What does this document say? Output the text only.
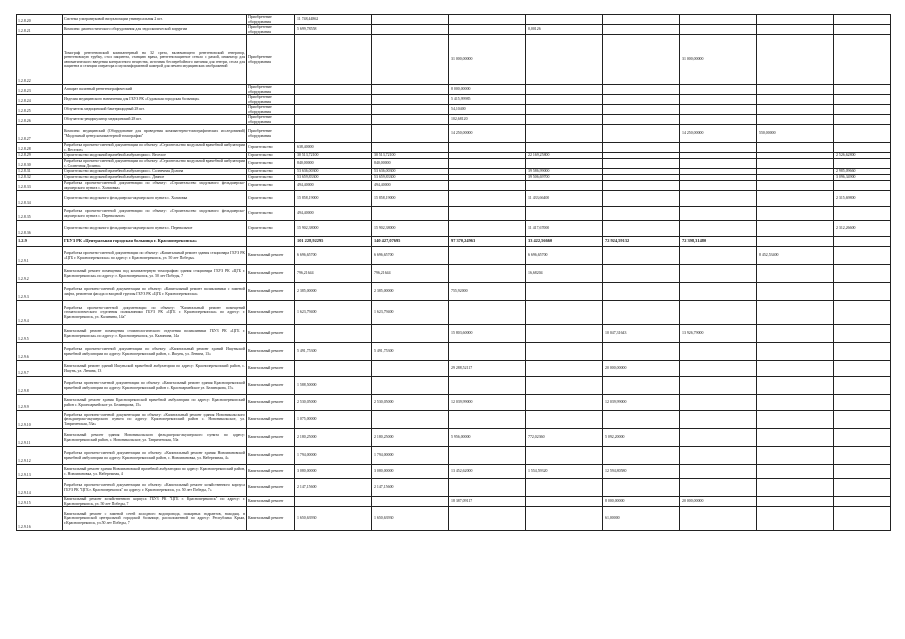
1.2.8.20	Система ультразвуковой визуализации универсальная 2 шт.	Приобретение оборудования	11 748,44862							
1.2.8.21	Комплекс диагностического оборудования для эндоскопической хирургии	Приобретение оборудования	5 699,78558			0,00126				
1.2.8.22	Томограф рентгеновский компьютерный на 32 среза, включающего рентгеновский генератор, рентгеновскую трубку, стол пациента, станцию врача, рентгенозащитное стекло с рамой, инжектор для автоматического введения контрастного вещества, источник бесперебойного питания для гентри, стола для пациента и станции оператора и мультиформатной камерой для печати медицинских изображений	Приобретение оборудования			31 000,00000			31 000,00000		
1.2.8.23	Аппарат палатный рентгенографический	Приобретение оборудования			8 000,00000					
1.2.8.24	Изделия медицинского назначения для ГБУЗ РК «Судакская городская больница»	Приобретение оборудования			5 415,99985					
1.2.8.25	Облучатель медицинский бактерицидный 28 шт.	Приобретение оборудования			54,10400					
1.2.8.26	Облучатель-рециркулятор медицинский 28 шт.	Приобретение оборудования			102,68120					
1.2.8.27	Комплекс медицинский (Оборудование для проведения компьютерно-томографических исследований) "Модульный центр компьютерной томографии"	Приобретение оборудования			14 250,00000			14 250,00000	550,00000	
1.2.8.28	Разработка проектно-сметной документации по объекту: «Строительство модульной врачебной амбулатории с. Веселое»	Строительство	638,40000							
1.2.8.29	Строительство модульной врачебной амбулатории с. Веселое	Строительство	30 513,72100	30 513,72100		22 169,25800				2 526,62800
1.2.8.30	Разработка проектно-сметной документации по объекту: «Строительство модульной врачебной амбулатории с. Солнечная Долина»	Строительство	840,00000	840,00000						
1.2.8.31	Строительство модульной врачебной амбулатории с. Солнечная Долина	Строительство	53 636,00300	53 636,00300		39 586,99000				2 985,09660
1.2.8.32	Строительство модульной врачебной амбулатории с. Дачное	Строительство	53 659,83300	53 659,83300		39 506,69700				3 096,34900
1.2.8.33	Разработка проектно-сметной документации по объекту: «Строительство модульного фельдшерско-акушерского пункта с. Холмовка»	Строительство	494,40000	494,40000						
1.2.8.34	Строительство модульного фельдшерско-акушерского пункта с. Холмовка	Строительство	15 858,19000	15 858,19000		11 433,66400				2 315,69800
1.2.8.35	Разработка проектно-сметной документации по объекту: «Строительство модульного фельдшерско-акушерского пункта с. Перевальное»	Строительство	494,40000							
1.2.8.36	Строительство модульного фельдшерско-акушерского пункта с. Перевальное	Строительство	15 902,38000	15 902,38000		11 417,67000				2 312,26600
1.2.9	ГБУЗ РК «Центральная городская больница г. Красноперекопска»		101 228,92295	140 427,07695	97 370,24963	33 422,56660	72 924,59132	72 398,31480		
1.2.9.1	Разработка проектно-сметной документации по объекту: «Капитальный ремонт здания стационара ГБУЗ РК «ЦГБ г. Красноперекопска» по адресу: г. Красноперекопск, ул. 50 лет Победы»	Капитальный ремонт	6 696,65700	6 696,65700		6 696,65700			8 452,53400	
1.2.9.2	Капитальный ремонт помещения под компьютерную томографию здания стационара ГБУЗ РК «ЦГБ г. Красноперекопска» по адресу: г. Красноперекопск, ул. 50 лет Победы, 7	Капитальный ремонт	796,21644	796,21644		16,68204				
1.2.9.3	Разработка проектно-сметной документации по объекту: «Капитальный ремонт поликлиники с заменой лифта, ремонтом фасада и входной группы ГБУЗ РК «ЦГБ г. Красноперекопска»	Капитальный ремонт	2 385,00000	2 385,00000	755,92000					
1.2.9.4	Разработка проектно-сметной документации по объекту: "Капитальный ремонт помещений стоматологического отделения поликлиники ГБУЗ РК «ЦГБ г. Красноперекопска» по адресу: г. Красноперекопск, ул. Калинина, 14а"	Капитальный ремонт	1 623,79400	1 623,79400						
1.2.9.5	Капитальный ремонт помещения стоматологического отделения поликлиники ГБУЗ РК «ЦГБ г. Красноперекопска» по адресу: г. Красноперекопск, ул. Калинина, 14а	Капитальный ремонт			15 803,60000		10 047,31643	13 926,79000		
1.2.9.6	Разработка проектно-сметной документации по объекту: «Капитальный ремонт зданий Ишуньской врачебной амбулатории по адресу: Красноперекопский район, с. Ишунь, ул. Ленина, 13»	Капитальный ремонт	5 491,75300	5 491,75300						
1.2.9.7	Капитальный ремонт зданий Ишуньской врачебной амбулатории по адресу: Красноперекопский район, с. Ишунь, ул. Ленина, 13	Капитальный ремонт			29 288,52117		20 000,00000			
1.2.9.8	Разработка проектно-сметной документации по объекту: «Капитальный ремонт здания Краснопрекопской врачебной амбулатории по адресу: Красноперекопский район с. Красноармейское ул. Белинцкова, 15»	Капитальный ремонт	1 588,50000							
1.2.9.9	Капитальный ремонт здания Краснопрекопской врачебной амбулатории по адресу: Красноперекопский район с. Красноармейское ул. Белинцкова, 15»	Капитальный ремонт	2 530,05000	2 530,05000	12 039,99000		12 039,99000			
1.2.9.10	Разработка проектно-сметной документации по объекту: «Капитальный ремонт здания Новоникольского фельдшерско-акушерского пункта по адресу: Красноперекопский район с. Новоникольское, ул. Тавриченская, 53а»	Капитальный ремонт	1 075,00000							
1.2.9.11	Капитальный ремонт здания Новоникольского фельдшерско-акушерского пункта по адресу: Красноперекопский район, с. Новоникольское, ул. Тавриченская, 53а	Капитальный ремонт	2 180,25000	2 180,25000	5 956,00000	772,02360	5 092,20000			
1.2.9.12	Разработка проектно-сметной документации по объекту: «Капитальный ремонт здания Новоивановской врачебной амбулатории по адресу: Красноперекопский район, с. Новоивановка, ул. Набережная, 4»	Капитальный ремонт	1 794,00000	1 794,00000						
1.2.9.13	Капитальный ремонт здания Новоивановской врачебной амбулатории по адресу: Красноперекопский район, с. Новоивановка, ул. Набережная, 4	Капитальный ремонт	3 080,00000	3 080,00000	13 452,62000	1 554,59320	12 594,80580			
1.2.9.14	Разработка проектно-сметной документации по объекту: «Капитальный ремонт хозяйственного корпуса ГБУЗ РК "ЦГБ г. Красноперекопск" по адресу: г. Красноперекопск, ул. 50 лет Победы, 7»	Капитальный ремонт	2 147,15600	2 147,15600						
1.2.9.15	Капитальный ремонт хозяйственного корпуса ГБУЗ РК "ЦГБ г. Красноперекопск" по адресу: г. Красноперекопск, ул. 50 лет Победы, 7	Капитальный ремонт			18 387,09117		8 000,00000	20 000,00000		
1.2.9.16	Капитальный ремонт с заменой сетей холодного водопровода, пожарных гидрантов, находящ. в Красноперекопской центральной городской больнице, расположенной по адресу: Республика Крым, г.Красноперекопск, ул.50 лет Победы, 7	Капитальный ремонт	1 650,63930	1 650,63930			61,00000			
